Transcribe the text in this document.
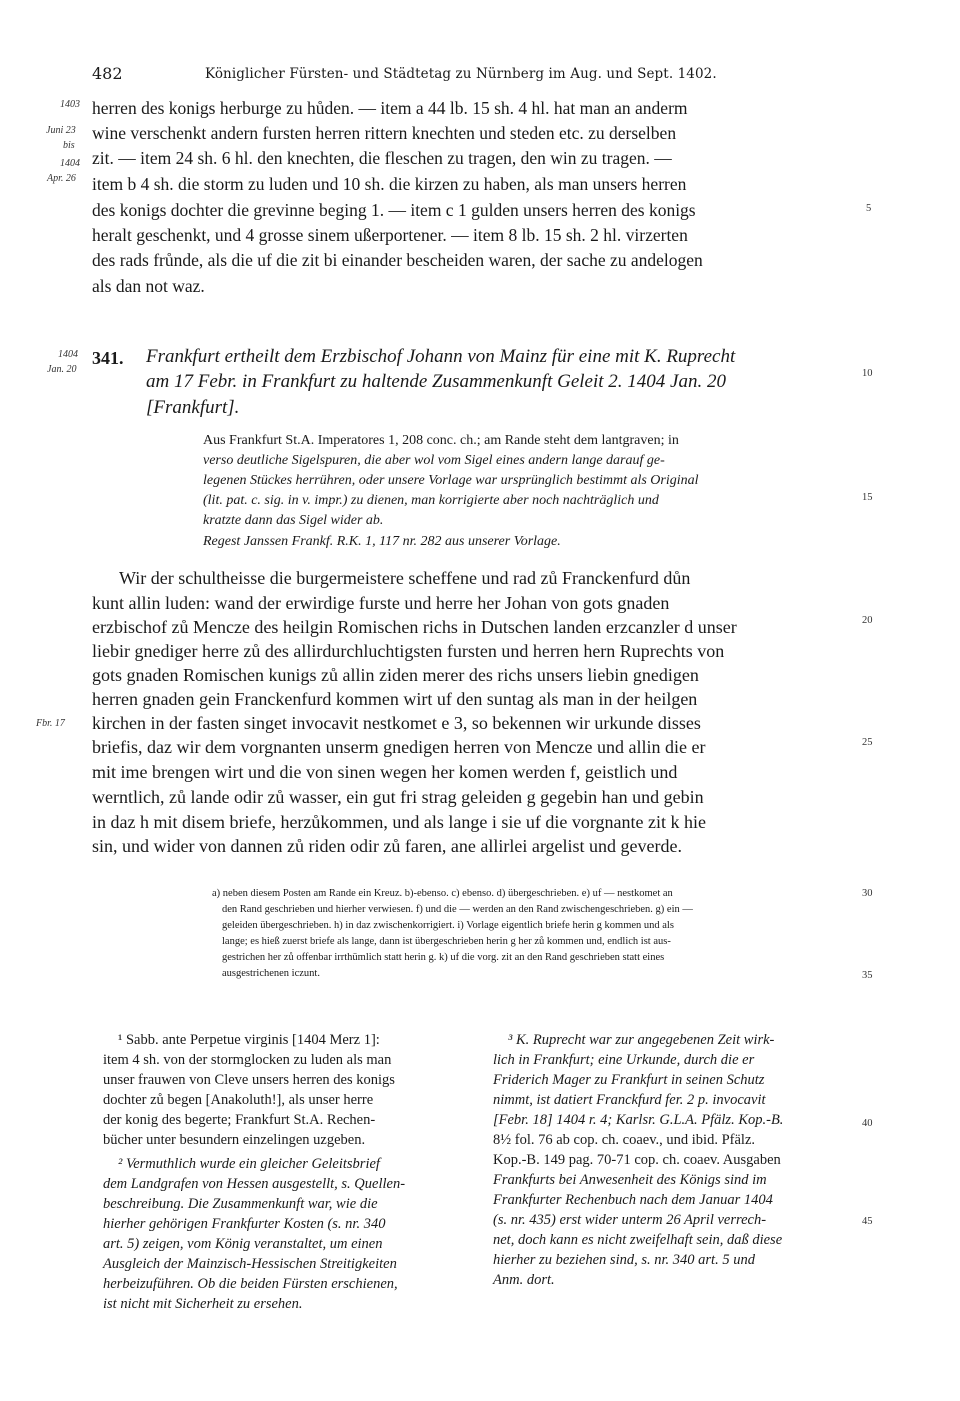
482	Königlicher Fürsten- und Städtetag zu Nürnberg im Aug. und Sept. 1402.
1403
Juni 23
bis
1404
Apr. 26
herren des konigs herburge zu hůden. — item a 44 lb. 15 sh. 4 hl. hat man an anderm
wine verschenkt andern fursten herren rittern knechten und steden etc. zu derselben
zit. — item 24 sh. 6 hl. den knechten, die fleschen zu tragen, den win zu tragen. —
item b 4 sh. die storm zu luden und 10 sh. die kirzen zu haben, als man unsers herren
des konigs dochter die grevinne beging 1. — item c 1 gulden unsers herren des konigs
heralt geschenkt, und 4 grosse sinem ußerportener. — item 8 lb. 15 sh. 2 hl. virzerten
des rads frůnde, als die uf die zit bi einander bescheiden waren, der sache zu andelogen
als dan not waz.
5
10
15
20
25
30
35
40
45
1404
Jan. 20
341. Frankfurt ertheilt dem Erzbischof Johann von Mainz für eine mit K. Ruprecht
am 17 Febr. in Frankfurt zu haltende Zusammenkunft Geleit 2. 1404 Jan. 20
[Frankfurt].
Aus Frankfurt St.A. Imperatores 1, 208 conc. ch.; am Rande steht dem lantgraven; in
verso deutliche Sigelspuren, die aber wol vom Sigel eines andern lange darauf ge-
legenen Stückes herrühren, oder unsere Vorlage war ursprünglich bestimmt als Original
(lit. pat. c. sig. in v. impr.) zu dienen, man korrigierte aber noch nachträglich und
kratzte dann das Sigel wider ab.
Regest Janssen Frankf. R.K. 1, 117 nr. 282 aus unserer Vorlage.
Fbr. 17
Wir der schultheisse die burgermeistere scheffene und rad zů Franckenfurd důn
kunt allin luden: wand der erwirdige furste und herre her Johan von gots gnaden
erzbischof zů Mencze des heilgin Romischen richs in Dutschen landen erzcanzler d unser
liebir gnediger herre zů des allirdurchluchtigsten fursten und herren hern Ruprechts von
gots gnaden Romischen kunigs zů allin ziden merer des richs unsers liebin gnedigen
herren gnaden gein Franckenfurd kommen wirt uf den suntag als man in der heilgen
kirchen in der fasten singet invocavit nestkomet e 3, so bekennen wir urkunde disses
briefis, daz wir dem vorgnanten unserm gnedigen herren von Mencze und allin die er
mit ime brengen wirt und die von sinen wegen her komen werden f, geistlich und
werntlich, zů lande odir zů wasser, ein gut fri strag geleiden g gegebin han und gebin
in daz h mit disem briefe, herzůkommen, und als lange i sie uf die vorgnante zit k hie
sin, und wider von dannen zů riden odir zů faren, ane allirlei argelist und geverde.
a) neben diesem Posten am Rande ein Kreuz. b)-ebenso. c) ebenso. d) übergeschrieben. e) uf — nestkomet an
den Rand geschrieben und hierher verwiesen. f) und die — werden an den Rand zwischengeschrieben. g) ein —
geleiden übergeschrieben. h) in daz zwischenkorrigiert. i) Vorlage eigentlich briefe herin g kommen und als
lange; es hieß zuerst briefe als lange, dann ist übergeschrieben herin g her zů kommen und, endlich ist aus-
gestrichen her zů offenbar irrthümlich statt herin g. k) uf die vorg. zit an den Rand geschrieben statt eines
ausgestrichenen iczunt.
¹ Sabb. ante Perpetue virginis [1404 Merz 1]:
item 4 sh. von der stormglocken zu luden als man
unser frauwen von Cleve unsers herren des konigs
dochter zů begen [Anakoluth!], als unser herre
der konig des begerte; Frankfurt St.A. Rechen-
bücher unter besundern einzelingen uzgeben.
² Vermuthlich wurde ein gleicher Geleitsbrief
dem Landgrafen von Hessen ausgestellt, s. Quellen-
beschreibung. Die Zusammenkunft war, wie die
hierher gehörigen Frankfurter Kosten (s. nr. 340
art. 5) zeigen, vom König veranstaltet, um einen
Ausgleich der Mainzisch-Hessischen Streitigkeiten
herbeizuführen. Ob die beiden Fürsten erschienen,
ist nicht mit Sicherheit zu ersehen.
³ K. Ruprecht war zur angegebenen Zeit wirk-
lich in Frankfurt; eine Urkunde, durch die er
Friderich Mager zu Frankfurt in seinen Schutz
nimmt, ist datiert Franckfurd fer. 2 p. invocavit
[Febr. 18] 1404 r. 4; Karlsr. G.L.A. Pfälz. Kop.-B.
8½ fol. 76 ab cop. ch. coaev., und ibid. Pfälz.
Kop.-B. 149 pag. 70-71 cop. ch. coaev. Ausgaben
Frankfurts bei Anwesenheit des Königs sind im
Frankfurter Rechenbuch nach dem Januar 1404
(s. nr. 435) erst wider unterm 26 April verrech-
net, doch kann es nicht zweifelhaft sein, daß diese
hierher zu beziehen sind, s. nr. 340 art. 5 und
Anm. dort.
